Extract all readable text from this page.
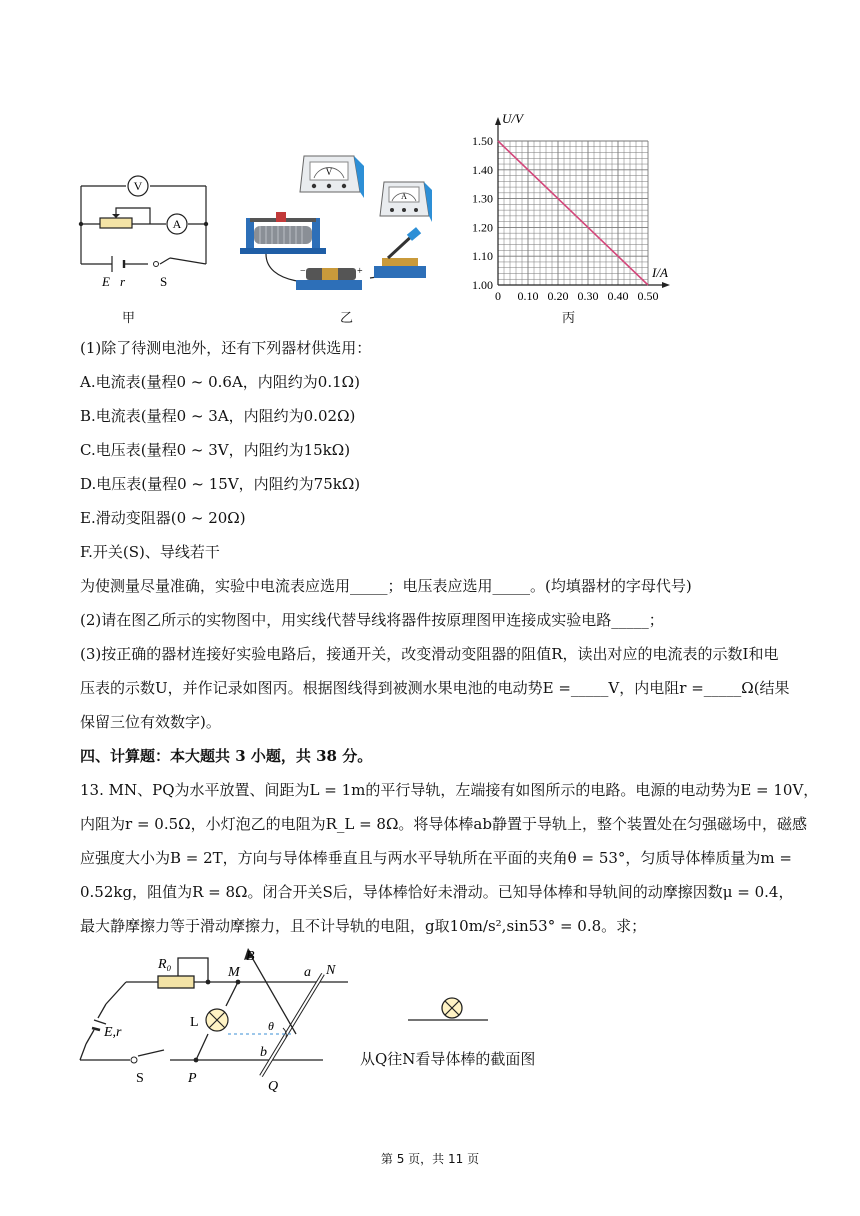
V
A
E r	S
甲
V
A
−	+
乙
0 0.10 0.20 0.30 0.40 0.50
1.00
1.10
1.20
1.30
1.40
1.50
U/V
I/A
丙
(1)除了待测电池外，还有下列器材供选用：
A.电流表(量程0 ~ 0.6A，内阻约为0.1Ω)
B.电流表(量程0 ~ 3A，内阻约为0.02Ω)
C.电压表(量程0 ~ 3V，内阻约为15kΩ)
D.电压表(量程0 ~ 15V，内阻约为75kΩ)
E.滑动变阻器(0 ~ 20Ω)
F.开关(S)、导线若干
为使测量尽量准确，实验中电流表应选用_____；电压表应选用_____。(均填器材的字母代号)
(2)请在图乙所示的实物图中，用实线代替导线将器件按原理图甲连接成实验电路_____；
(3)按正确的器材连接好实验电路后，接通开关，改变滑动变阻器的阻值R，读出对应的电流表的示数I和电
压表的示数U，并作记录如图丙。根据图线得到被测水果电池的电动势E =_____V，内电阻r =_____Ω(结果
保留三位有效数字)。
四、计算题：本大题共 3 小题，共 38 分。
13. MN、PQ为水平放置、间距为L = 1m的平行导轨，左端接有如图所示的电路。电源的电动势为E = 10V，
内阻为r = 0.5Ω，小灯泡乙的电阻为R_L = 8Ω。将导体棒ab静置于导轨上，整个装置处在匀强磁场中，磁感
应强度大小为B = 2T，方向与导体棒垂直且与两水平导轨所在平面的夹角θ = 53°，匀质导体棒质量为m =
0.52kg，阻值为R = 8Ω。闭合开关S后，导体棒恰好未滑动。已知导体棒和导轨间的动摩擦因数μ = 0.4，
最大静摩擦力等于滑动摩擦力，且不计导轨的电阻，g取10m/s²,sin53° = 0.8。求；
R₀
M
B
a N
E,r
L	θ
b
S	P
Q
从Q往N看导体棒的截面图
第 5 页，共 11 页
